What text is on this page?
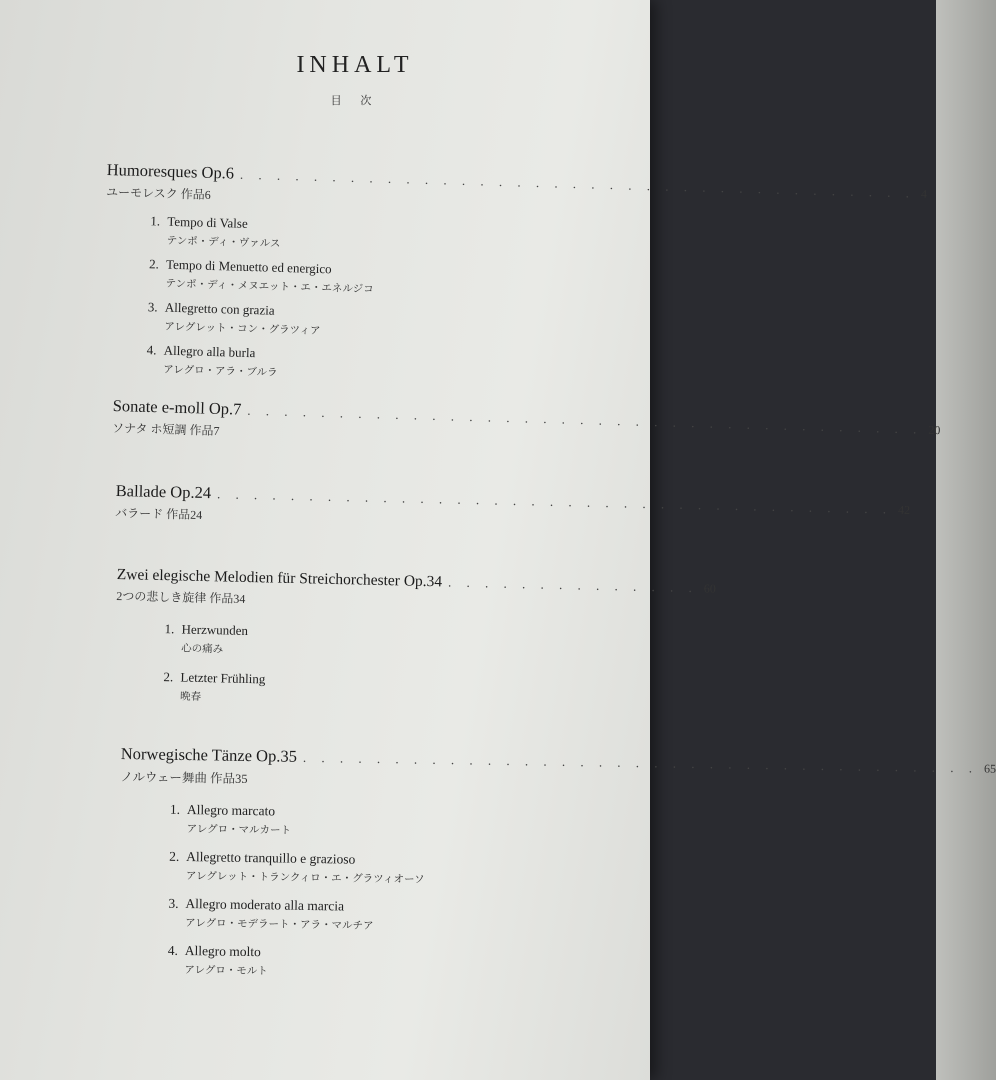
INHALT
目 次
Humoresques Op.6 . . . . . . . . . . . . . . . . . . . . . . . . . . . . . . . . . . . . . 4
ユーモレスク 作品6
1. Tempo di Valse
テンポ・ディ・ヴァルス
2. Tempo di Menuetto ed energico
テンポ・ディ・メヌエット・エ・エネルジコ
3. Allegretto con grazia
アレグレット・コン・グラツィア
4. Allegro alla burla
アレグロ・アラ・ブルラ
Sonate e-moll Op.7 . . . . . . . . . . . . . . . . . . . . . . . . . . . . . . . . . . . . . 20
ソナタ ホ短調 作品7
Ballade Op.24 . . . . . . . . . . . . . . . . . . . . . . . . . . . . . . . . . . . . . 42
バラード 作品24
Zwei elegische Melodien für Streichorchester Op.34 . . . . . . . . . . . . . . 60
2つの悲しき旋律 作品34
1. Herzwunden
心の痛み
2. Letzter Frühling
晩春
Norwegische Tänze Op.35 . . . . . . . . . . . . . . . . . . . . . . . . . . . . . . . . . . . . . 65
ノルウェー舞曲 作品35
1. Allegro marcato
アレグロ・マルカート
2. Allegretto tranquillo e grazioso
アレグレット・トランクィロ・エ・グラツィオーソ
3. Allegro moderato alla marcia
アレグロ・モデラート・アラ・マルチア
4. Allegro molto
アレグロ・モルト
